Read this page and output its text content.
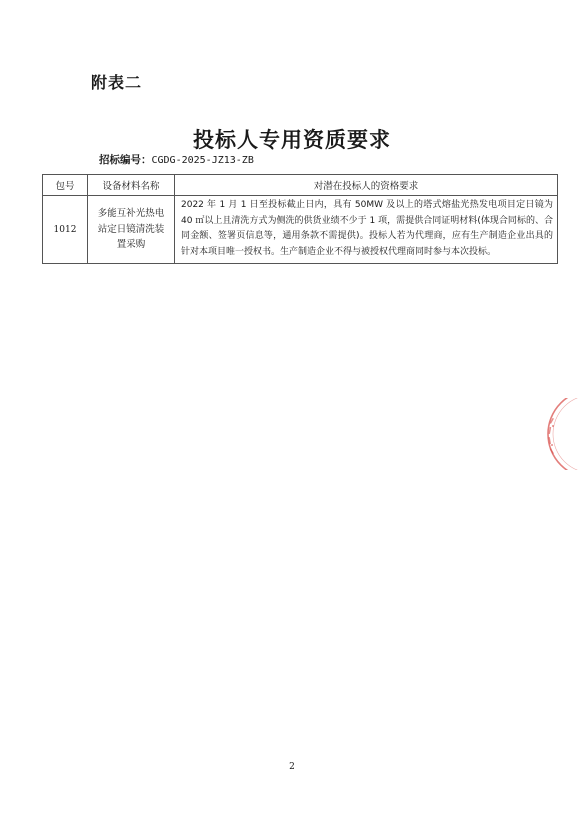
附表二
投标人专用资质要求
招标编号：CGDG-2025-JZ13-ZB
包号	设备材料名称	对潜在投标人的资格要求
1012	多能互补光热电站定日镜清洗装置采购	2022 年 1 月 1 日至投标截止日内，具有 50MW 及以上的塔式熔盐光热发电项目定日镜为 40 ㎡以上且清洗方式为侧洗的供货业绩不少于 1 项，需提供合同证明材料(体现合同标的、合同金额、签署页信息等，通用条款不需提供)。投标人若为代理商，应有生产制造企业出具的针对本项目唯一授权书。生产制造企业不得与被授权代理商同时参与本次投标。
2
